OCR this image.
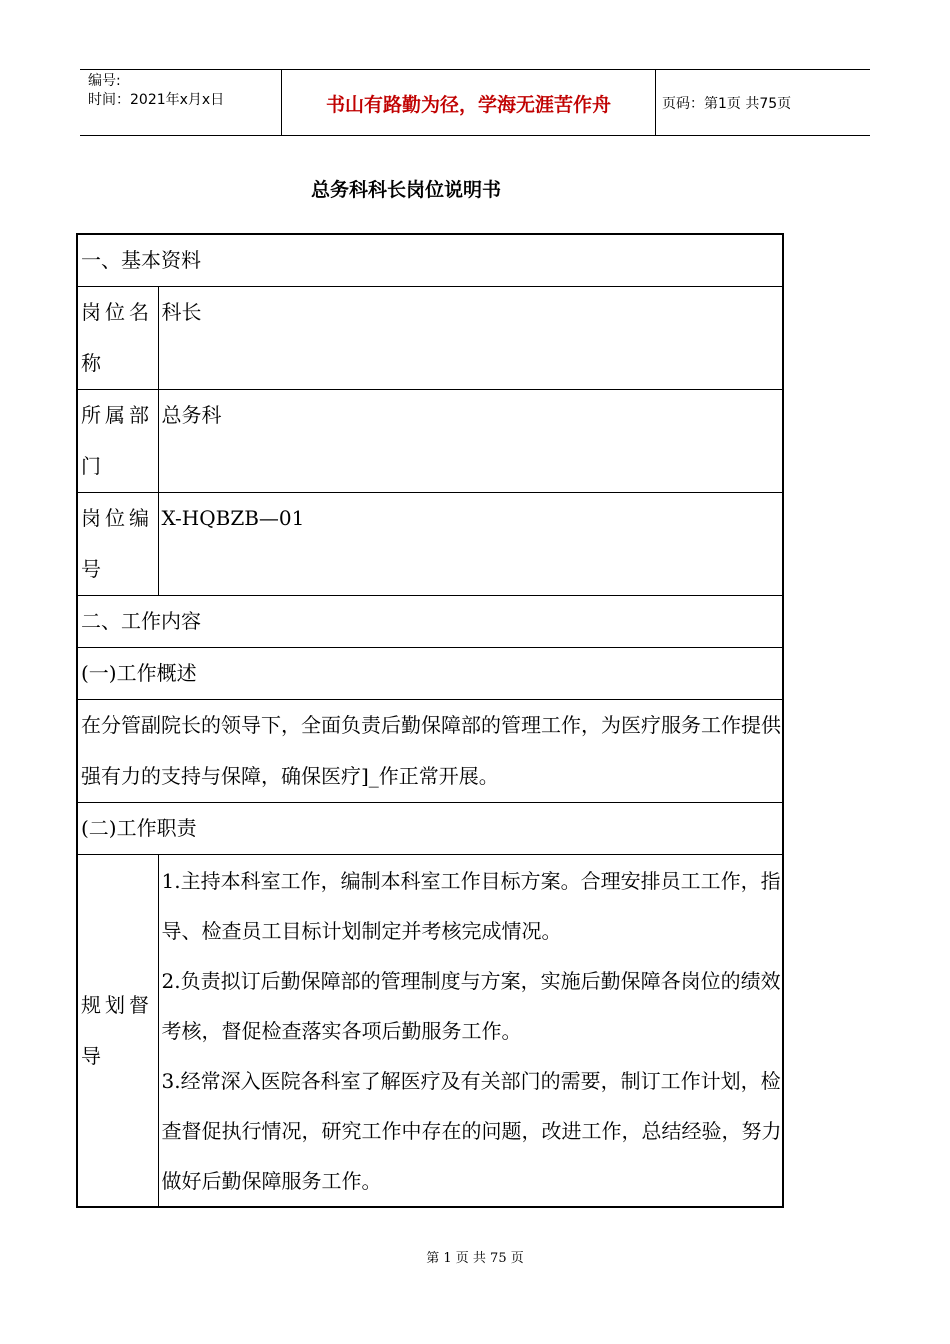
编号:
时间：2021年x月x日	书山有路勤为径，学海无涯苦作舟	页码：第1页 共75页
总务科科长岗位说明书
一、基本资料	
岗位名称	科长
所属部门	总务科
岗位编号	X-HQBZB—01
二、工作内容	
(一)工作概述	
在分管副院长的领导下，全面负责后勤保障部的管理工作，为医疗服务工作提供强有力的支持与保障，确保医疗]_作正常开展。	
(二)工作职责	
规划督导	1.主持本科室工作，编制本科室工作目标方案。合理安排员工工作，指导、检查员工目标计划制定并考核完成情况。
2.负责拟订后勤保障部的管理制度与方案，实施后勤保障各岗位的绩效考核，督促检查落实各项后勤服务工作。
3.经常深入医院各科室了解医疗及有关部门的需要，制订工作计划，检查督促执行情况，研究工作中存在的问题，改进工作，总结经验，努力做好后勤保障服务工作。
第 1 页 共 75 页
